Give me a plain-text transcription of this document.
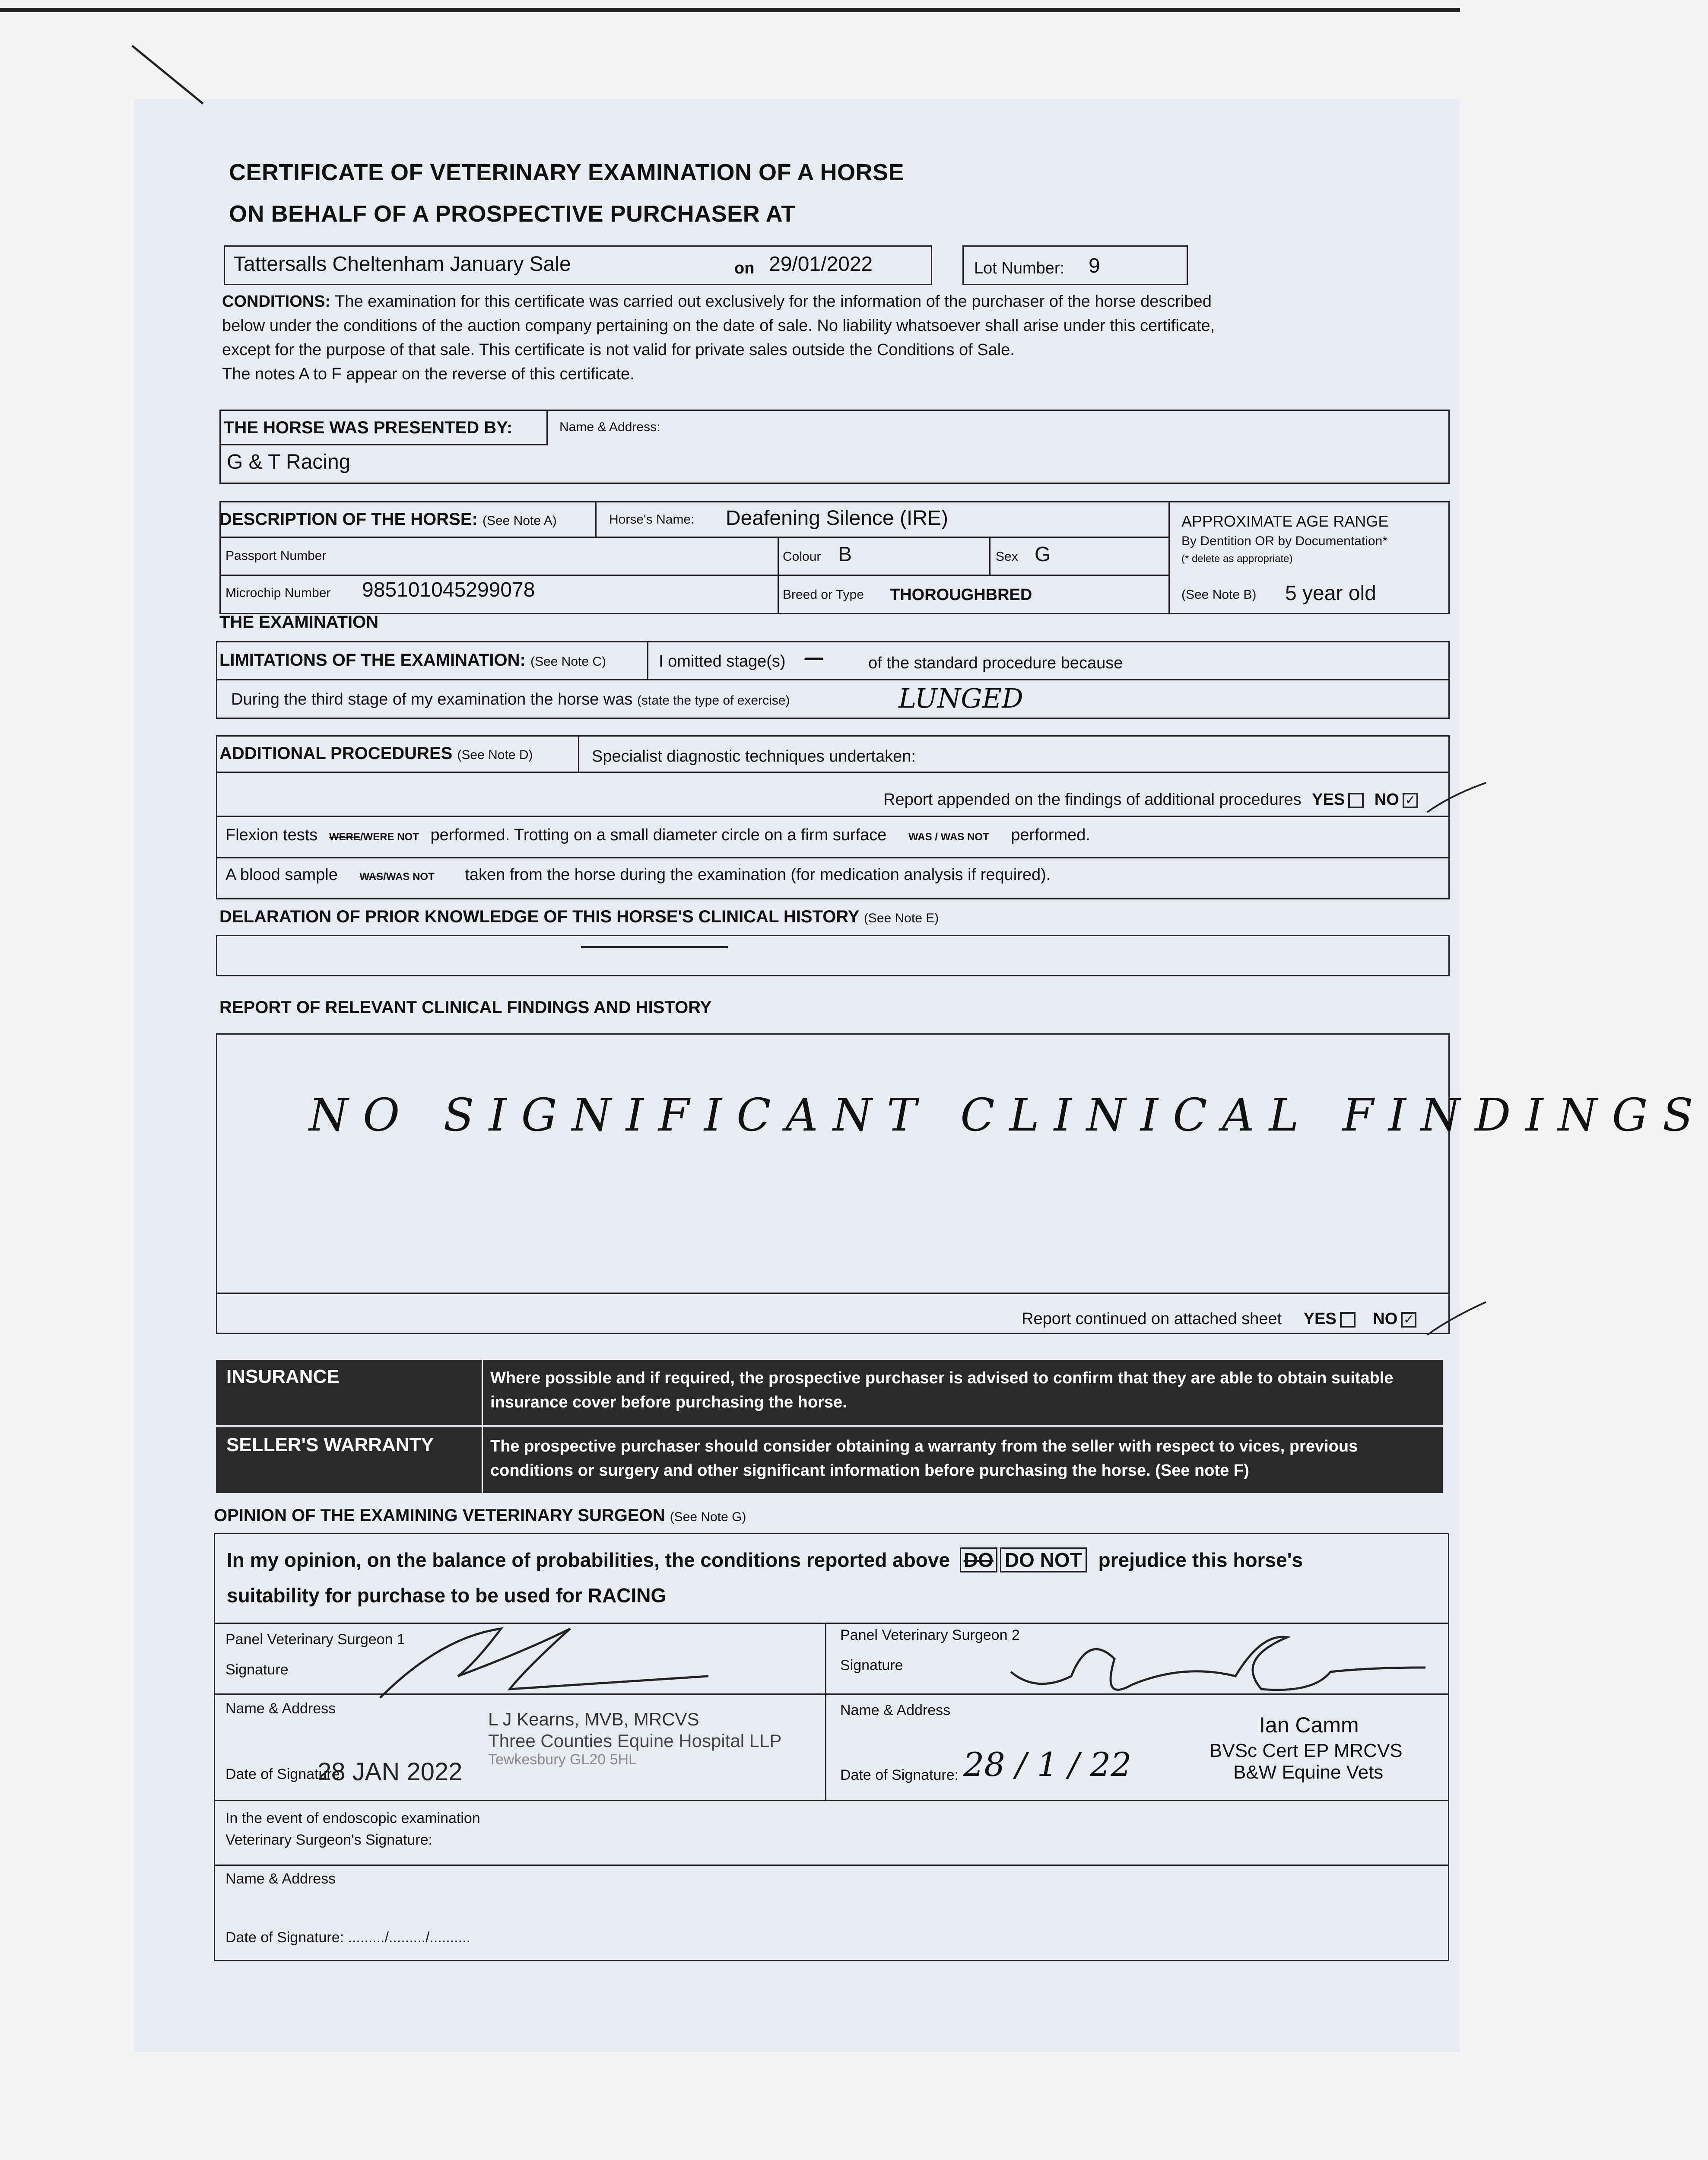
CERTIFICATE OF VETERINARY EXAMINATION OF A HORSE
ON BEHALF OF A PROSPECTIVE PURCHASER AT
Tattersalls Cheltenham January Sale	on 29/01/2022	Lot Number: 9
CONDITIONS: The examination for this certificate was carried out exclusively for the information of the purchaser of the horse described
below under the conditions of the auction company pertaining on the date of sale. No liability whatsoever shall arise under this certificate,
except for the purpose of that sale. This certificate is not valid for private sales outside the Conditions of Sale.
The notes A to F appear on the reverse of this certificate.
THE HORSE WAS PRESENTED BY:	Name & Address:
G & T Racing
DESCRIPTION OF THE HORSE: (See Note A)	Horse's Name: Deafening Silence (IRE)
Passport Number	Colour B	Sex G
Microchip Number 985101045299078	Breed or Type THOROUGHBRED
APPROXIMATE AGE RANGE
By Dentition OR by Documentation*
(* delete as appropriate)
(See Note B) 5 year old
THE EXAMINATION
LIMITATIONS OF THE EXAMINATION: (See Note C)	I omitted stage(s) —	of the standard procedure because
During the third stage of my examination the horse was (state the type of exercise)	LUNGED
ADDITIONAL PROCEDURES (See Note D)	Specialist diagnostic techniques undertaken:
Report appended on the findings of additional procedures YES NO✓
Flexion tests WERE/WERE NOT performed. Trotting on a small diameter circle on a firm surface WAS / WAS NOT performed.
A blood sample WAS/WAS NOT taken from the horse during the examination (for medication analysis if required).
DELARATION OF PRIOR KNOWLEDGE OF THIS HORSE'S CLINICAL HISTORY (See Note E)
REPORT OF RELEVANT CLINICAL FINDINGS AND HISTORY
NO SIGNIFICANT CLINICAL FINDINGS
Report continued on attached sheet YES NO✓
INSURANCE	Where possible and if required, the prospective purchaser is advised to confirm that they are able to obtain suitable
insurance cover before purchasing the horse.
SELLER'S WARRANTY	The prospective purchaser should consider obtaining a warranty from the seller with respect to vices, previous
conditions or surgery and other significant information before purchasing the horse. (See note F)
OPINION OF THE EXAMINING VETERINARY SURGEON (See Note G)
In my opinion, on the balance of probabilities, the conditions reported above DO DO NOT prejudice this horse's
suitability for purchase to be used for RACING
Panel Veterinary Surgeon 1
Signature
Name & Address
L J Kearns, MVB, MRCVS
Three Counties Equine Hospital LLP
Tewkesbury GL20 5HL
Date of Signature:
28 JAN 2022
Panel Veterinary Surgeon 2
Signature
Name & Address
Ian Camm
BVSc Cert EP MRCVS
B&W Equine Vets
Date of Signature: 28 / 1 / 22
In the event of endoscopic examination
Veterinary Surgeon's Signature:
Name & Address
Date of Signature: ........./........./..........
